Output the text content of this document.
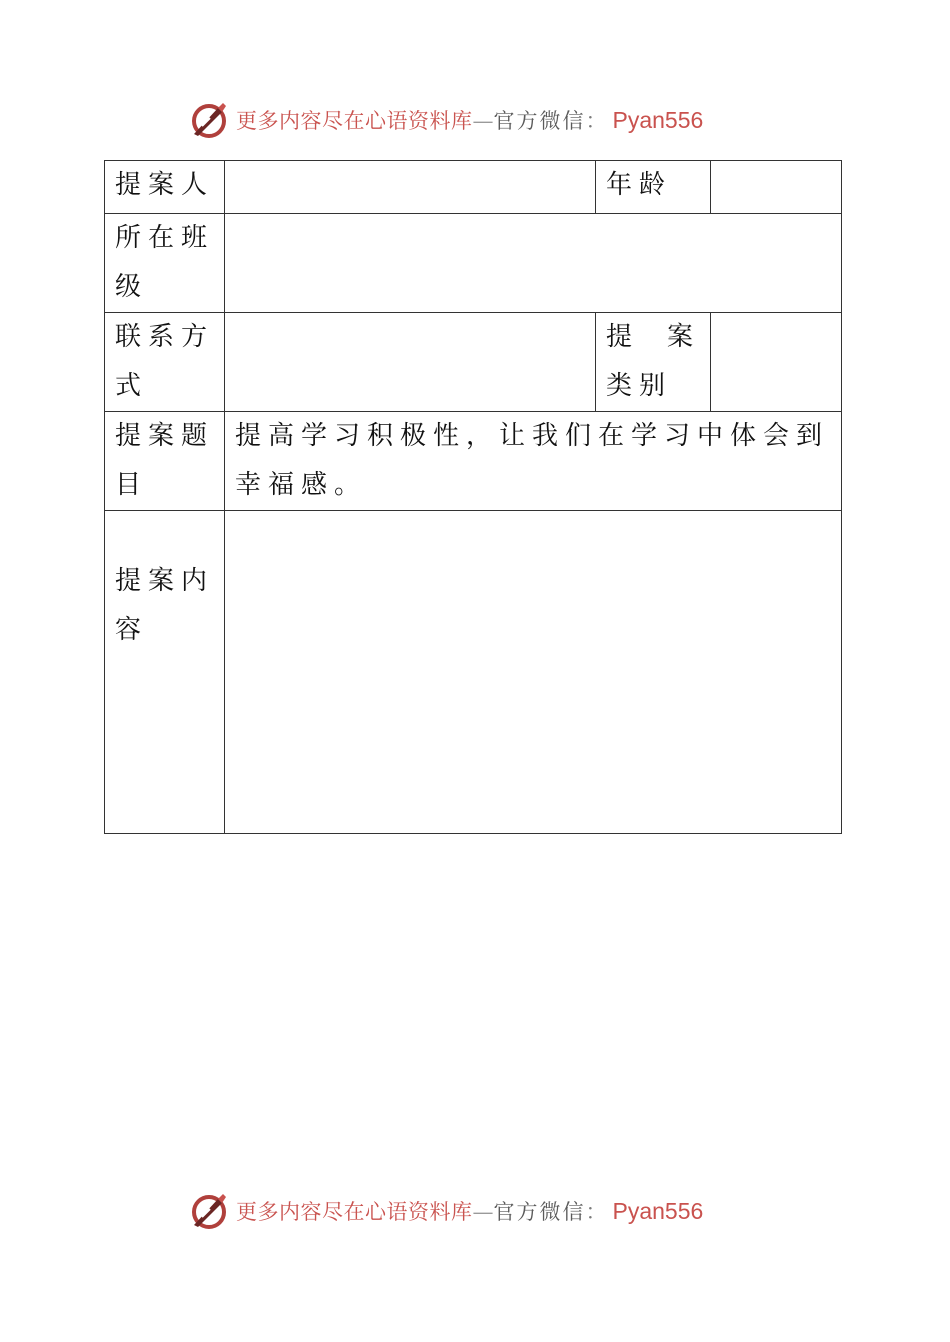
更多内容尽在心语资料库 — 官方微信 ： Pyan556
提案人		年龄	
所在班级			
联系方式		提案类别	
提案题目	提高学习积极性，让我们在学习中体会到幸福感。		
提案内容			
更多内容尽在心语资料库 — 官方微信 ： Pyan556
